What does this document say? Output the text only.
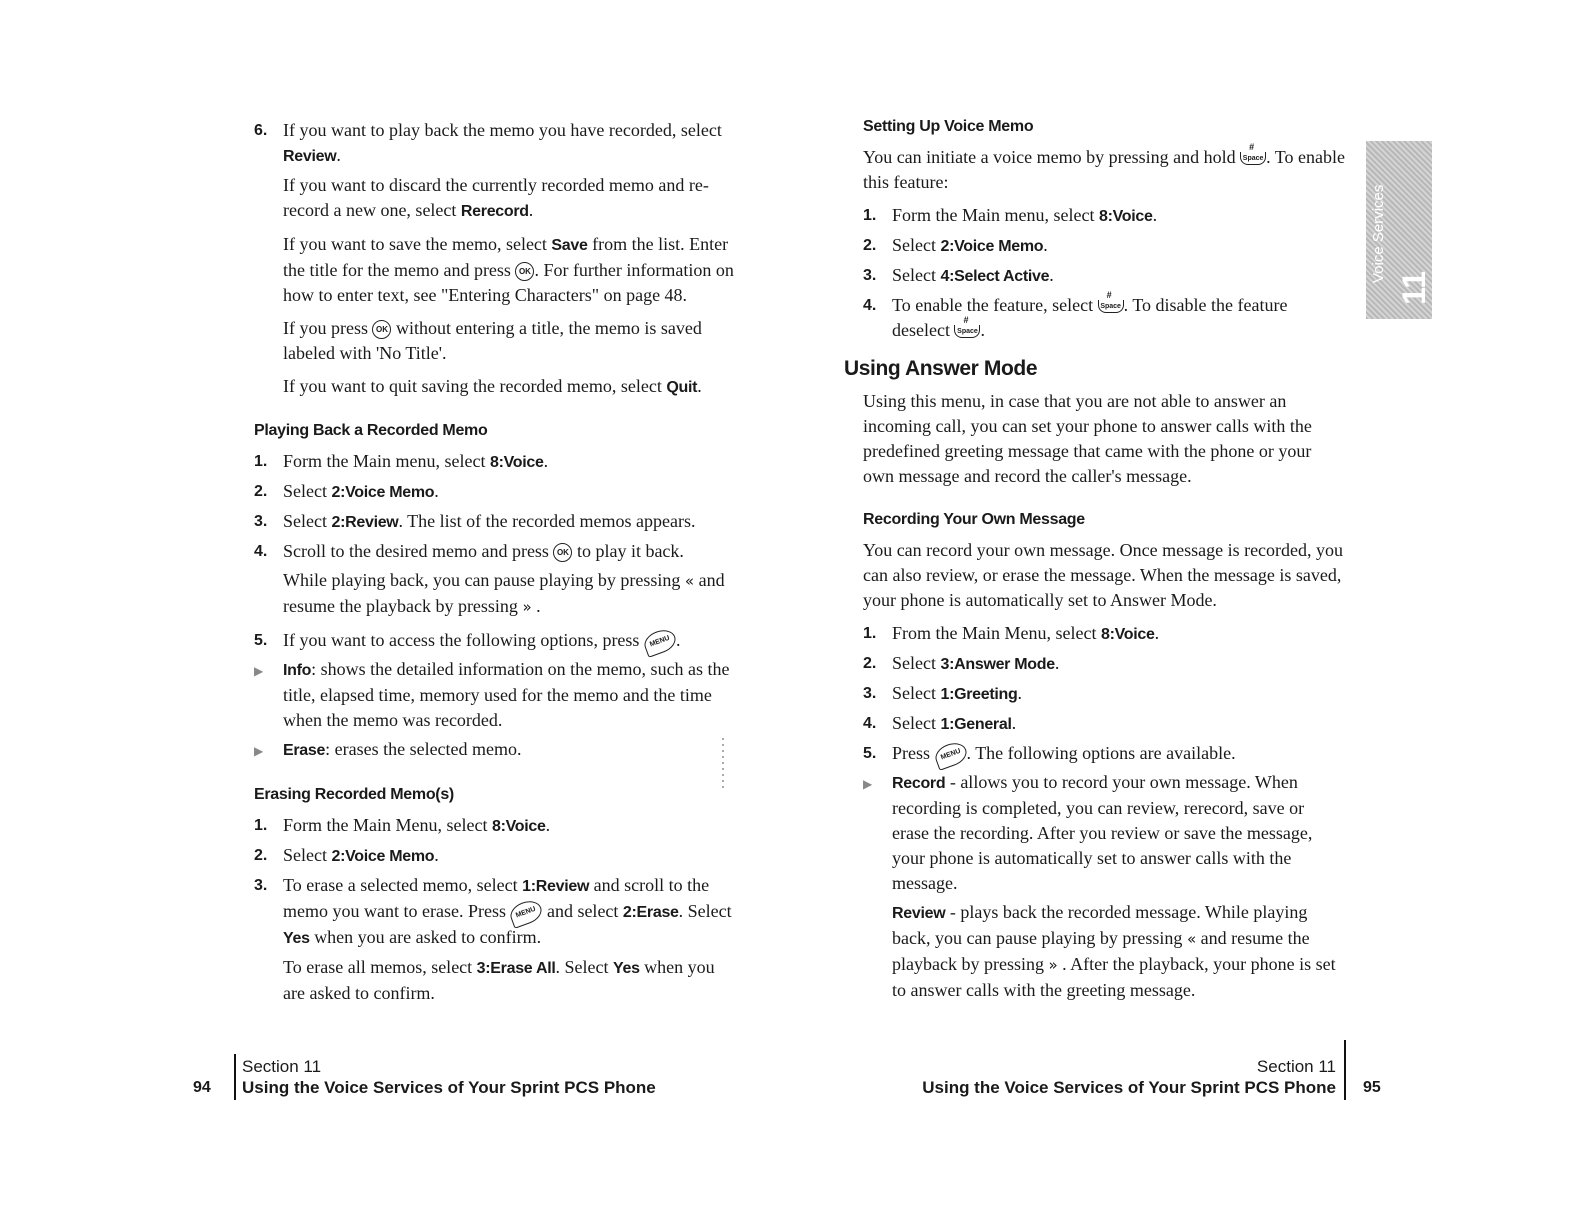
6. If you want to play back the memo you have recorded, select Review.

If you want to discard the currently recorded memo and re-record a new one, select Rerecord.

If you want to save the memo, select Save from the list. Enter the title for the memo and press OK . For further information on how to enter text, see "Entering Characters" on page 48.

If you press OK without entering a title, the memo is saved labeled with 'No Title'.

If you want to quit saving the recorded memo, select Quit.

Playing Back a Recorded Memo
1. Form the Main menu, select 8:Voice.
2. Select 2:Voice Memo.
3. Select 2:Review. The list of the recorded memos appears.
4. Scroll to the desired memo and press OK to play it back.

While playing back, you can pause playing by pressing « and resume the playback by pressing » .

5. If you want to access the following options, press MENU .
▶	Info: shows the detailed information on the memo, such as the title, elapsed time, memory used for the memo and the time when the memo was recorded.
▶	Erase: erases the selected memo.
Erasing Recorded Memo(s)
1. Form the Main Menu, select 8:Voice.
2. Select 2:Voice Memo.
3. To erase a selected memo, select 1:Review and scroll to the memo you want to erase. Press MENU and select 2:Erase. Select Yes when you are asked to confirm.

To erase all memos, select 3:Erase All. Select Yes when you are asked to confirm.

Setting Up Voice Memo

You can initiate a voice memo by pressing and hold # Space . To enable this feature:

1. Form the Main menu, select 8:Voice.
2. Select 2:Voice Memo.
3. Select 4:Select Active.
4. To enable the feature, select # Space . To disable the feature deselect # Space .
Using Answer Mode

Using this menu, in case that you are not able to answer an incoming call, you can set your phone to answer calls with the predefined greeting message that came with the phone or your own message and record the caller's message.

Recording Your Own Message

You can record your own message. Once message is recorded, you can also review, or erase the message. When the message is saved, your phone is automatically set to Answer Mode.

1. From the Main Menu, select 8:Voice.
2. Select 3:Answer Mode.
3. Select 1:Greeting.
4. Select 1:General.
5. Press MENU . The following options are available.
▶	Record - allows you to record your own message. When recording is completed, you can review, rerecord, save or erase the recording. After you review or save the message, your phone is automatically set to answer calls with the message.

Review - plays back the recorded message. While playing back, you can pause playing by pressing « and resume the playback by pressing » . After the playback, your phone is set to answer calls with the greeting message.

Voice Services
11
94
Section 11
Using the Voice Services of Your Sprint PCS Phone
Section 11
Using the Voice Services of Your Sprint PCS Phone 95
